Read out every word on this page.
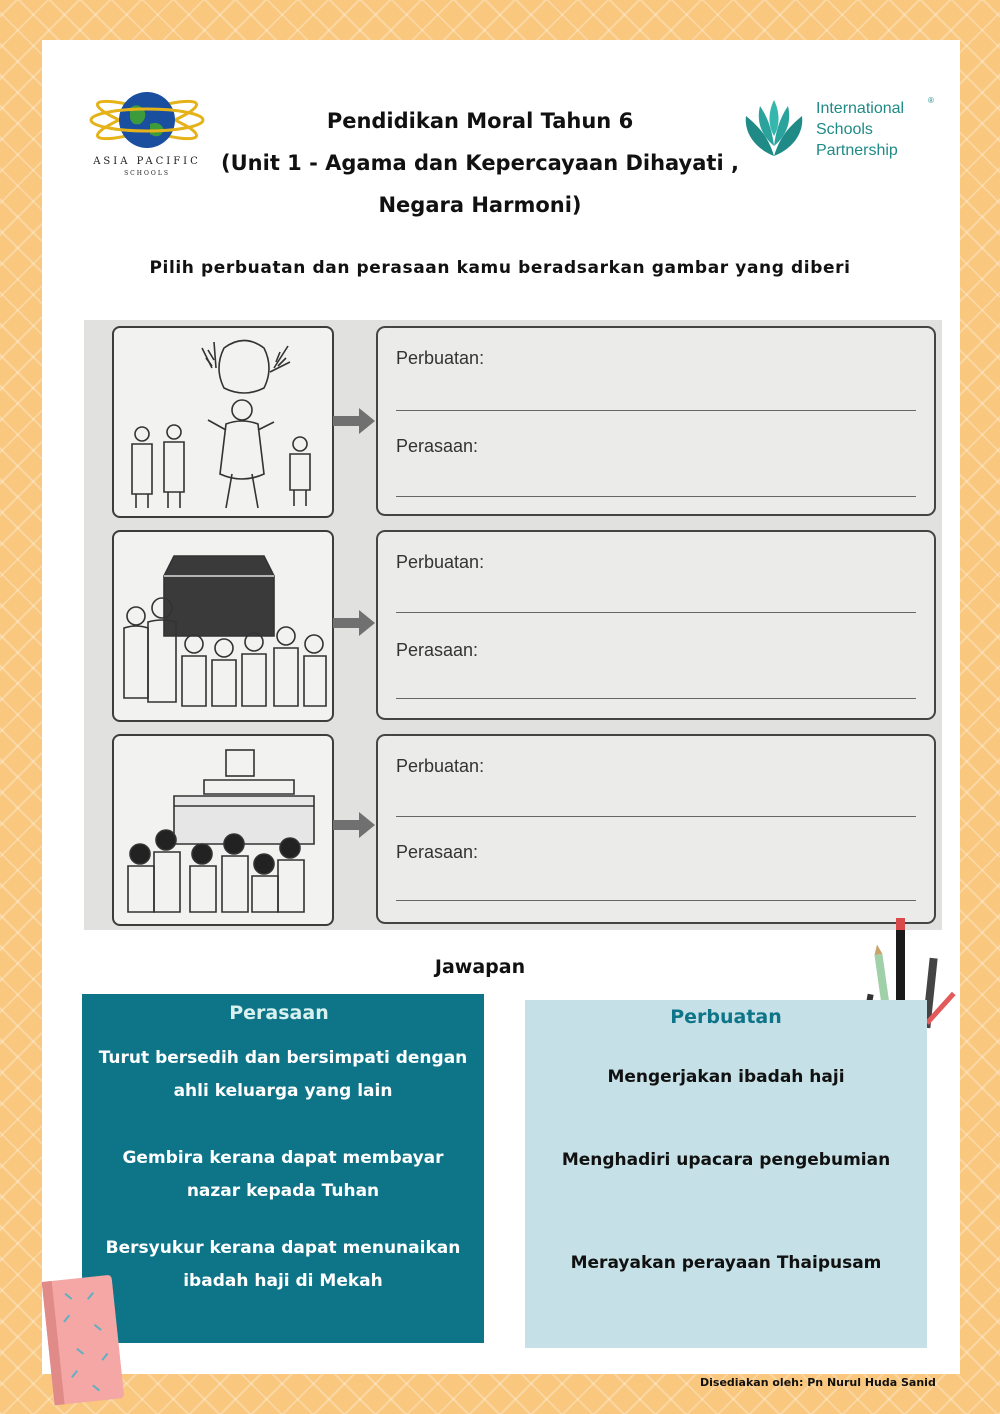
ASIA PACIFIC
SCHOOLS
Pendidikan Moral Tahun 6
(Unit 1 - Agama dan Kepercayaan Dihayati ,
Negara Harmoni)
International
Schools
Partnership
®
Pilih perbuatan dan perasaan kamu beradsarkan gambar yang diberi
Perbuatan:
Perasaan:
Perbuatan:
Perasaan:
Perbuatan:
Perasaan:
Jawapan
Perasaan
Turut bersedih dan bersimpati dengan ahli keluarga yang lain
Gembira kerana dapat membayar nazar kepada Tuhan
Bersyukur kerana dapat menunaikan ibadah haji di Mekah
Perbuatan
Mengerjakan ibadah haji
Menghadiri upacara pengebumian
Merayakan perayaan Thaipusam
Disediakan oleh: Pn Nurul Huda Sanid
